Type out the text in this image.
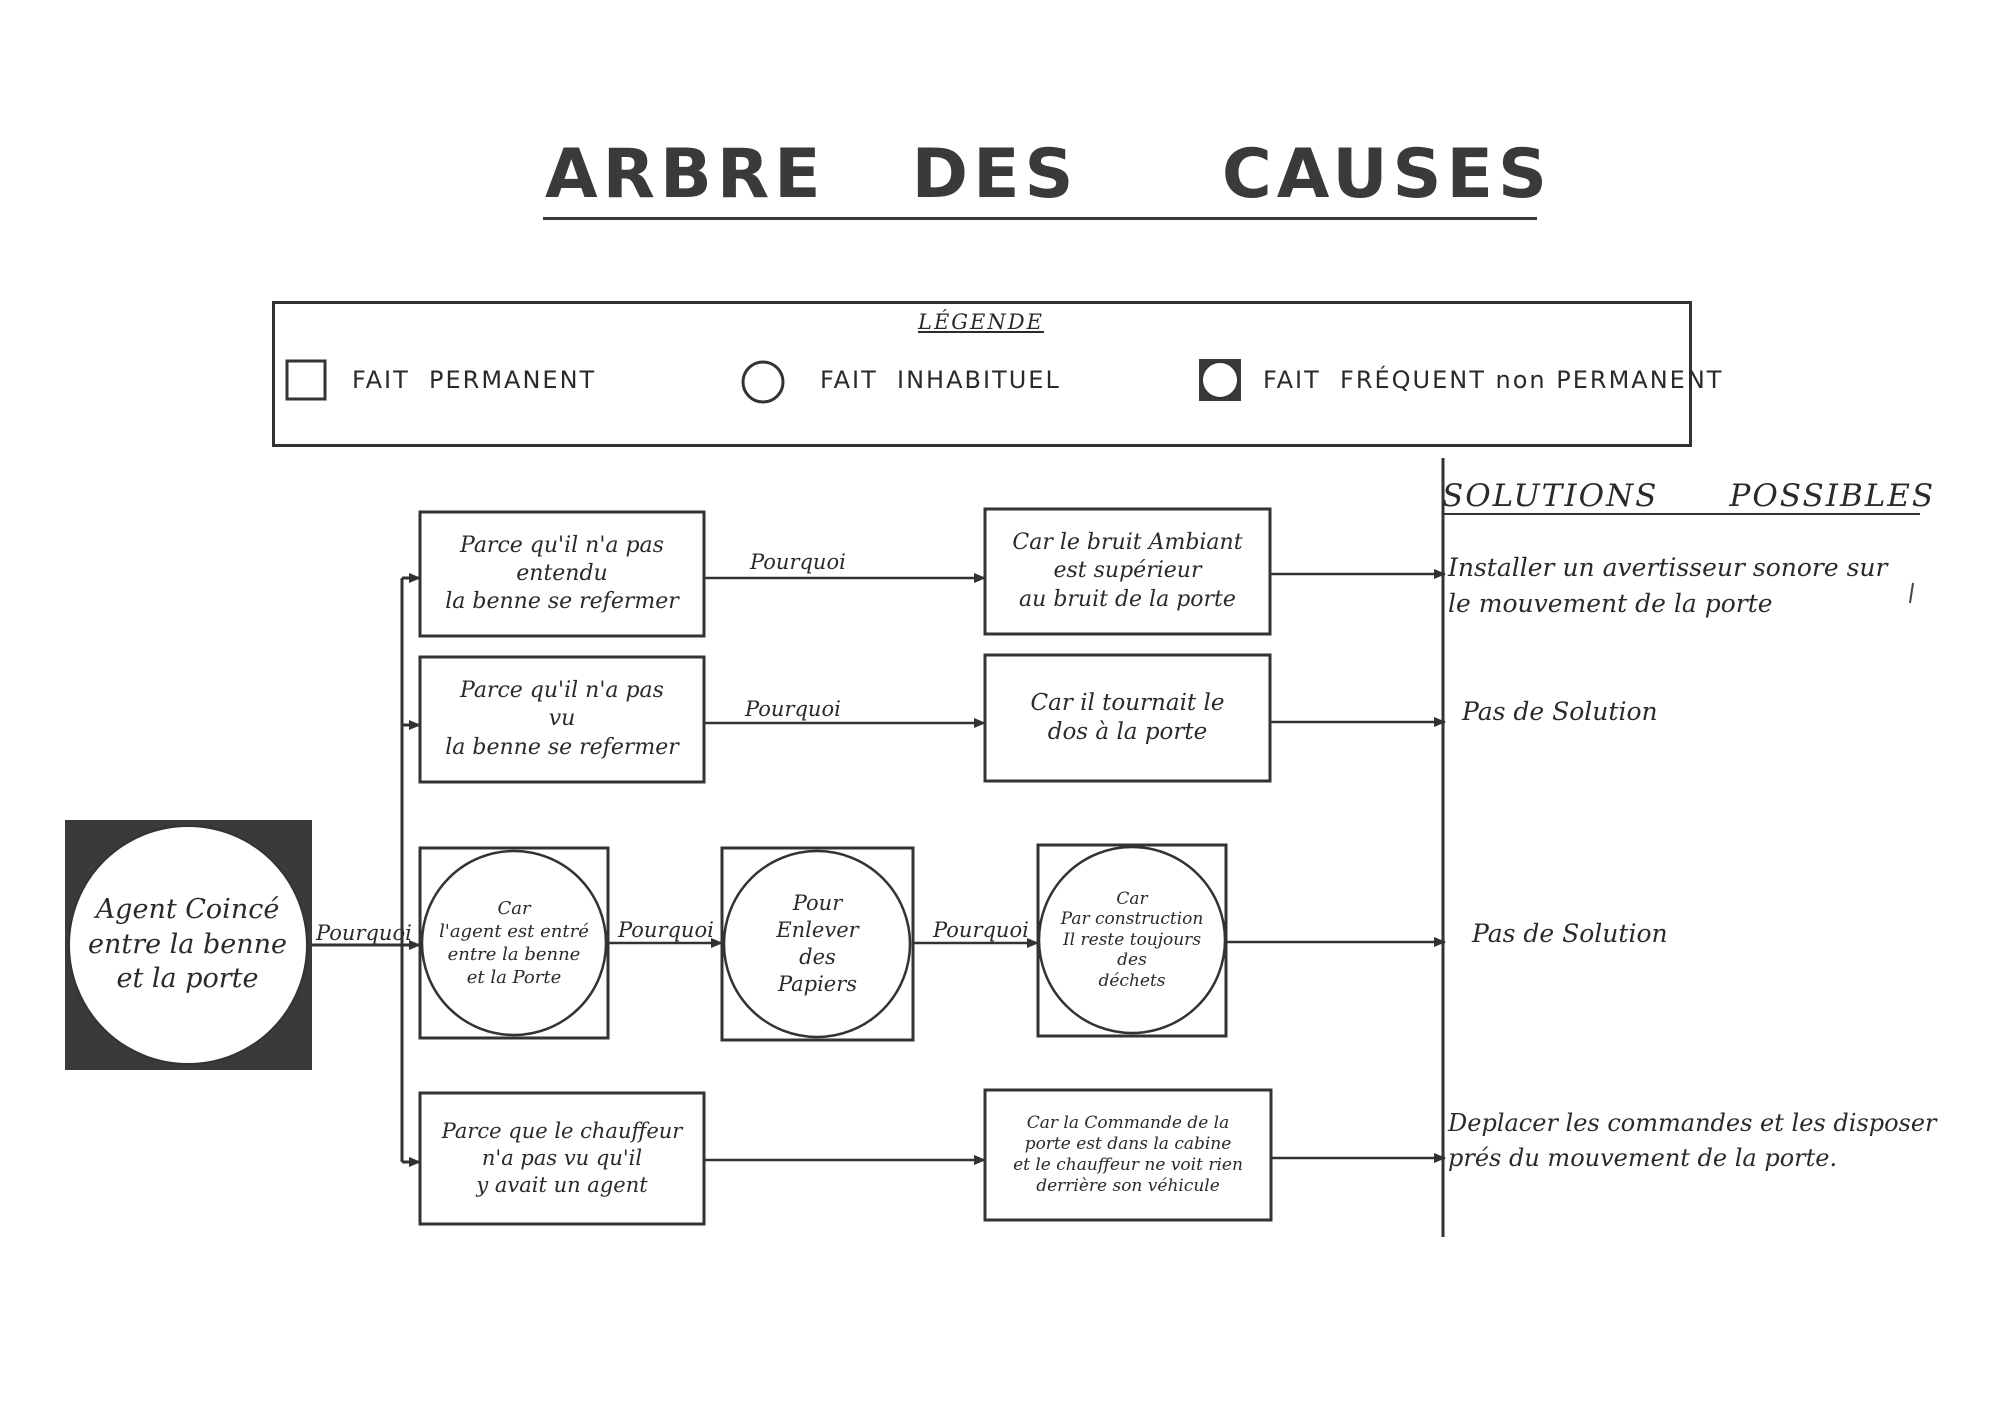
ARBRE   DES     CAUSES
LÉGENDE
FAIT  PERMANENT	FAIT  INHABITUEL	FAIT  FRÉQUENT non PERMANENT
Agent Coincé
entre la benne
et la porte
Pourquoi
Pourquoi
Pourquoi
Pourquoi	Pourquoi
Parce qu'il n'a pas
entendu
la benne se refermer
Car le bruit Ambiant
est supérieur
au bruit de la porte
Installer un avertisseur sonore sur
le mouvement de la porte
Parce qu'il n'a pas
vu
la benne se refermer
Car il tournait le
dos à la porte
Pas de Solution
Car
l'agent est entré
entre la benne
et la Porte
Pour
Enlever
des
Papiers
Car
Par construction
Il reste toujours
des
déchets
Pas de Solution
Parce que le chauffeur
n'a pas vu qu'il
y avait un agent
Car la Commande de la
porte est dans la cabine
et le chauffeur ne voit rien
derrière son véhicule
Deplacer les commandes et les disposer
prés du mouvement de la porte.
SOLUTIONS      POSSIBLES
